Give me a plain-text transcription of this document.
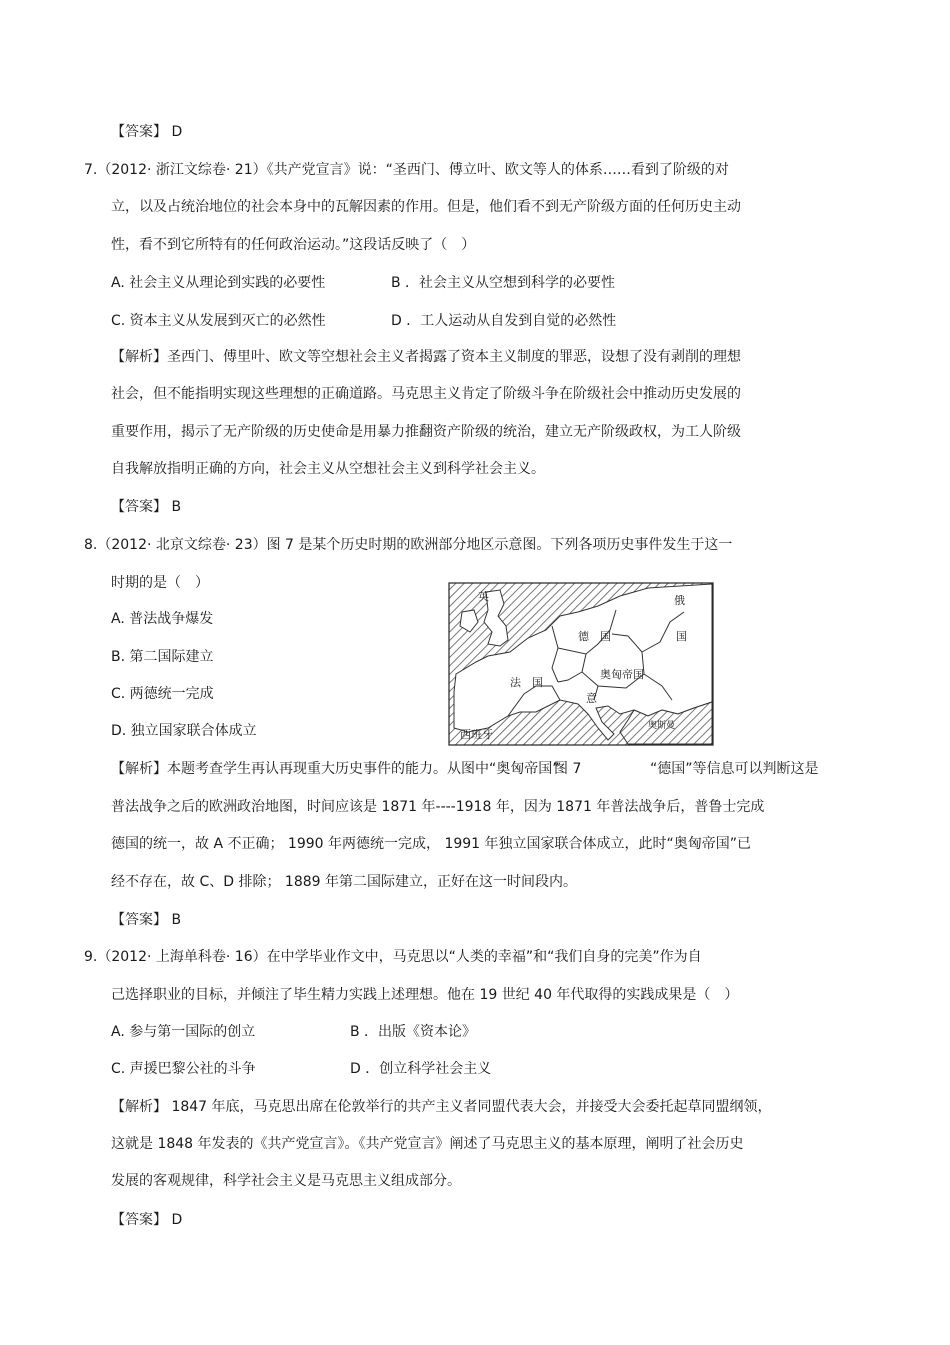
【答案】 D
7.（2012· 浙江文综卷· 21）《共产党宣言》说：“圣西门、傅立叶、欧文等人的体系……看到了阶级的对
立，以及占统治地位的社会本身中的瓦解因素的作用。但是，他们看不到无产阶级方面的任何历史主动
性，看不到它所特有的任何政治运动。”这段话反映了（　）
A. 社会主义从理论到实践的必要性	B ．社会主义从空想到科学的必要性
C. 资本主义从发展到灭亡的必然性	D ．工人运动从自发到自觉的必然性
【解析】圣西门、傅里叶、欧文等空想社会主义者揭露了资本主义制度的罪恶，设想了没有剥削的理想
社会，但不能指明实现这些理想的正确道路。马克思主义肯定了阶级斗争在阶级社会中推动历史发展的
重要作用，揭示了无产阶级的历史使命是用暴力推翻资产阶级的统治，建立无产阶级政权，为工人阶级
自我解放指明正确的方向，社会主义从空想社会主义到科学社会主义。
【答案】 B
8.（2012· 北京文综卷· 23）图 7 是某个历史时期的欧洲部分地区示意图。下列各项历史事件发生于这一
时期的是（　）
A. 普法战争爆发
B. 第二国际建立
C. 两德统一完成
D. 独立国家联合体成立
英	俄
国
德　国
法　国
奥匈帝国
意
西班牙
奥斯曼
【解析】本题考查学生再认再现重大历史事件的能力。从图中“奥匈帝国”
图 7	“德国”等信息可以判断这是
普法战争之后的欧洲政治地图，时间应该是 1871 年----1918 年，因为 1871 年普法战争后，普鲁士完成
德国的统一，故 A 不正确； 1990 年两德统一完成， 1991 年独立国家联合体成立，此时“奥匈帝国”已
经不存在，故 C、D 排除； 1889 年第二国际建立，正好在这一时间段内。
【答案】 B
9.（2012· 上海单科卷· 16）在中学毕业作文中，马克思以“人类的幸福”和“我们自身的完美”作为自
己选择职业的目标，并倾注了毕生精力实践上述理想。他在 19 世纪 40 年代取得的实践成果是（　）
A. 参与第一国际的创立	B ．出版《资本论》
C. 声援巴黎公社的斗争	D ．创立科学社会主义
【解析】 1847 年底，马克思出席在伦敦举行的共产主义者同盟代表大会，并接受大会委托起草同盟纲领，
这就是 1848 年发表的《共产党宣言》。《共产党宣言》阐述了马克思主义的基本原理，阐明了社会历史
发展的客观规律，科学社会主义是马克思主义组成部分。
【答案】 D
